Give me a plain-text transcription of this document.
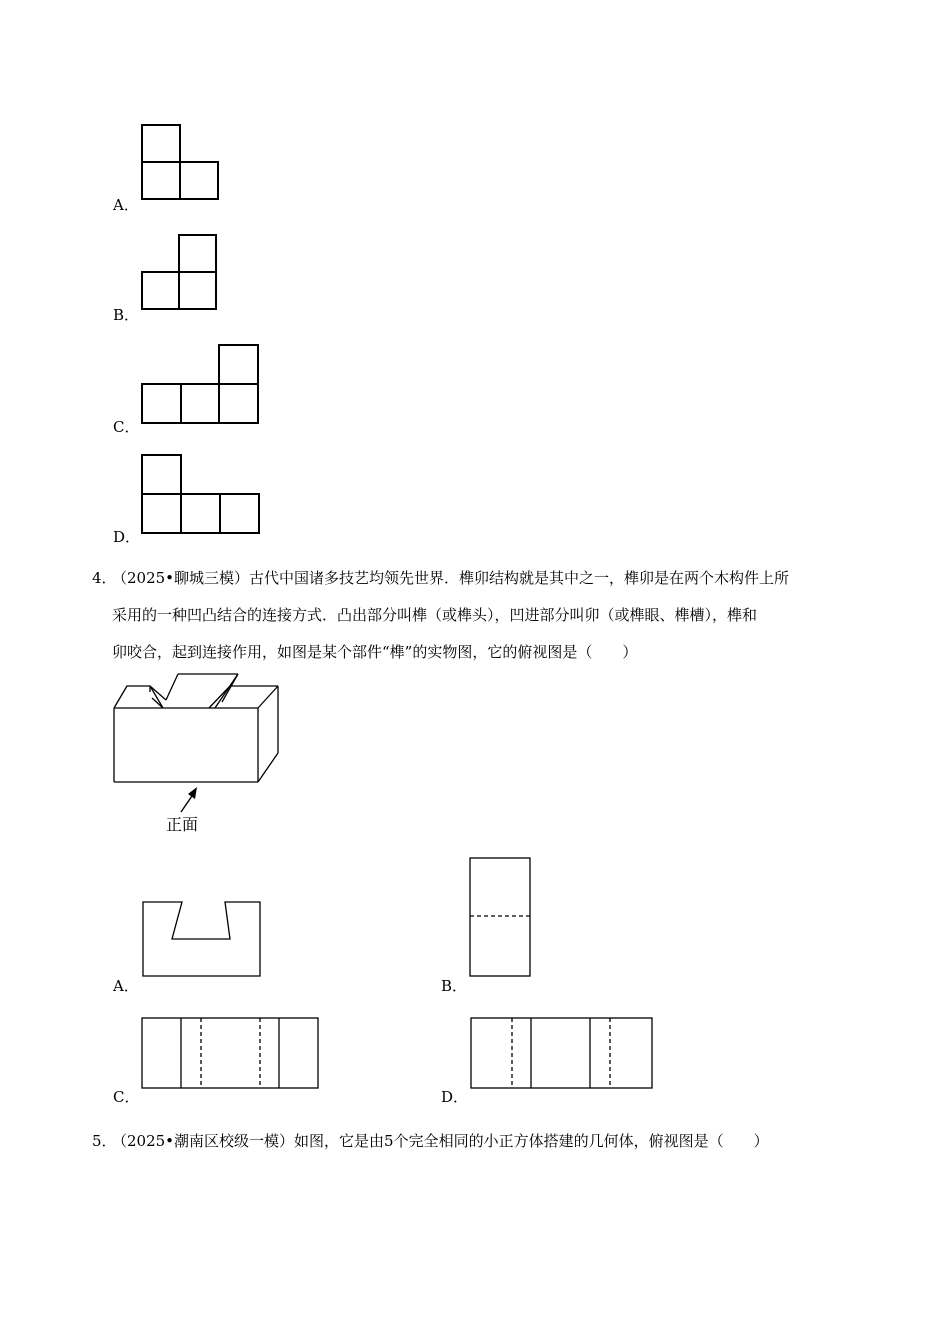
A．
B．
C．
D．
4．
（2025•聊城三模）古代中国诸多技艺均领先世界．榫卯结构就是其中之一，榫卯是在两个木构件上所
采用的一种凹凸结合的连接方式．凸出部分叫榫（或榫头），凹进部分叫卯（或榫眼、榫槽），榫和
卯咬合，起到连接作用，如图是某个部件“榫”的实物图，它的俯视图是（　　）
正面
A．	B．
C．	D．
5．
（2025•潮南区校级一模）如图，它是由5个完全相同的小正方体搭建的几何体，俯视图是（　　）
